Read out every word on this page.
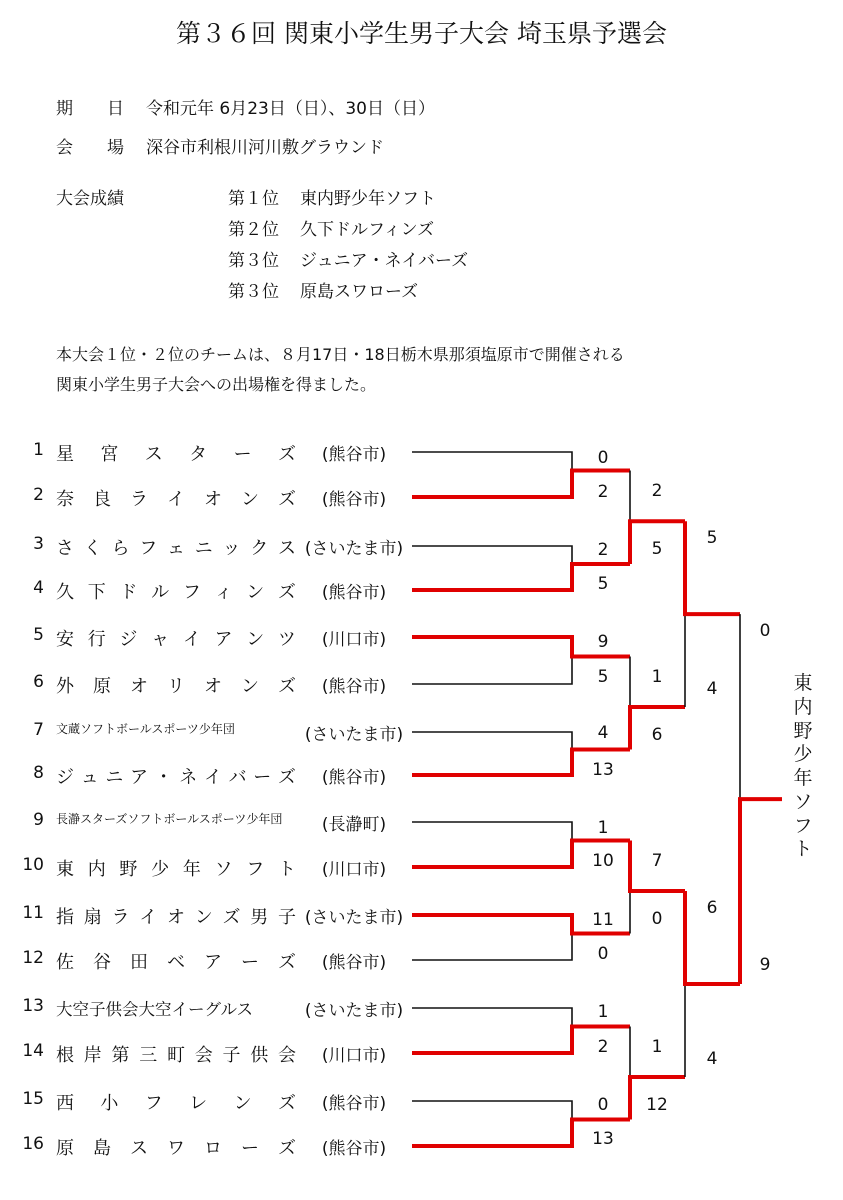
第３６回 関東小学生男子大会 埼玉県予選会
期　　日 令和元年 6月23日（日）、30日（日）
会　　場 深谷市利根川河川敷グラウンド
大会成績	第１位 東内野少年ソフト
第２位 久下ドルフィンズ
第３位 ジュニア・ネイバーズ
第３位 原島スワローズ
本大会１位・２位のチームは、８月17日・18日栃木県那須塩原市で開催される
関東小学生男子大会への出場権を得ました。
1 星 宮 ス タ ー ズ	(熊谷市)
2 奈 良 ラ イ オ ン ズ	(熊谷市)
3 さ く ら フ ェ ニ ッ ク ス (さいたま市)
4 久 下 ド ル フ ィ ン ズ	(熊谷市)
5 安 行 ジ ャ イ ア ン ツ	(川口市)
6 外 原 オ リ オ ン ズ	(熊谷市)
7 文蔵ソフトボールスポーツ少年団	(さいたま市)
8 ジ ュ ニ ア ・ ネ イ バ ー ズ	(熊谷市)
9 長瀞スターズソフトボールスポーツ少年団	(長瀞町)
10 東 内 野 少 年 ソ フ ト	(川口市)
11 指 扇 ラ イ オ ン ズ 男 子 (さいたま市)
12 佐 谷 田 ベ ア ー ズ	(熊谷市)
13 大空子供会大空イーグルス	(さいたま市)
14 根 岸 第 三 町 会 子 供 会	(川口市)
15 西 小 フ レ ン ズ	(熊谷市)
16 原 島 ス ワ ロ ー ズ	(熊谷市)
0
2
2
5
9
5
4
13
1
10
11
0
1
2
0
13
2
5
1
6
7
0
1
12
5
4
6
4
0
9
東内野少年ソフト
